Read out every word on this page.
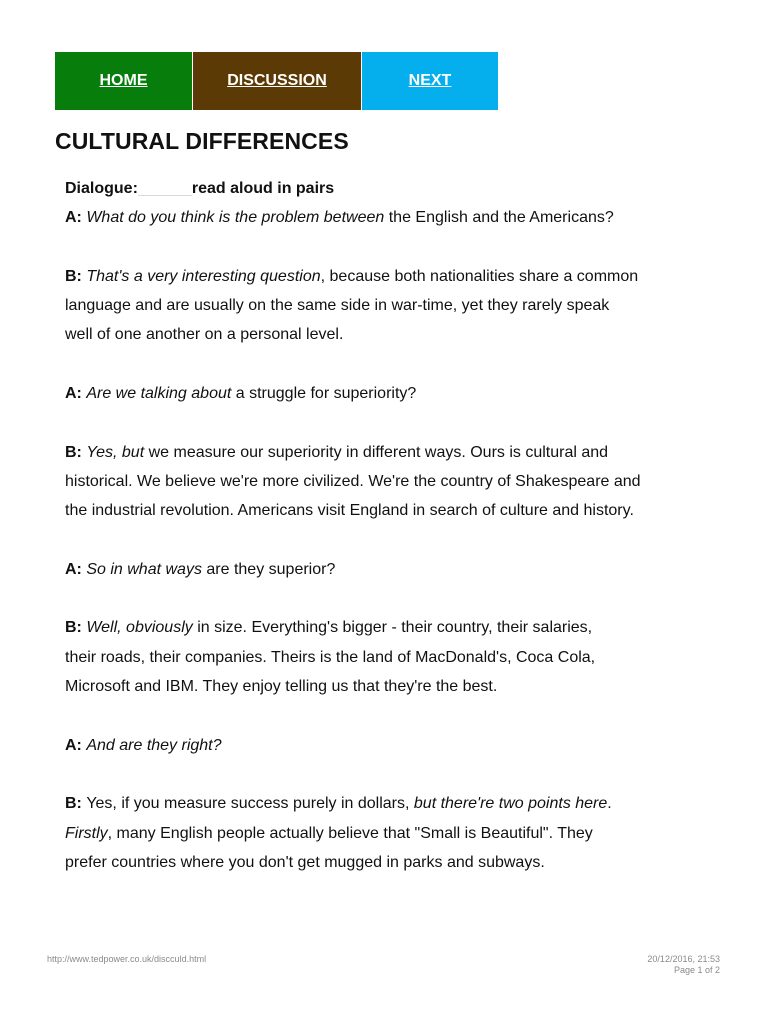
HOME	DISCUSSION	NEXT
CULTURAL DIFFERENCES

Dialogue:	read aloud in pairs

A: What do you think is the problem between the English and the Americans?

B: That's a very interesting question, because both nationalities share a common

language and are usually on the same side in war-time, yet they rarely speak

well of one another on a personal level.

A: Are we talking about a struggle for superiority?

B: Yes, but we measure our superiority in different ways. Ours is cultural and

historical. We believe we're more civilized. We're the country of Shakespeare and

the industrial revolution. Americans visit England in search of culture and history.

A: So in what ways are they superior?

B: Well, obviously in size. Everything's bigger - their country, their salaries,

their roads, their companies. Theirs is the land of MacDonald's, Coca Cola,

Microsoft and IBM. They enjoy telling us that they're the best.

A: And are they right?

B: Yes, if you measure success purely in dollars, but there're two points here.

Firstly, many English people actually believe that "Small is Beautiful". They

prefer countries where you don't get mugged in parks and subways.

http://www.tedpower.co.uk/discculd.html	20/12/2016, 21:53
Page 1 of 2
